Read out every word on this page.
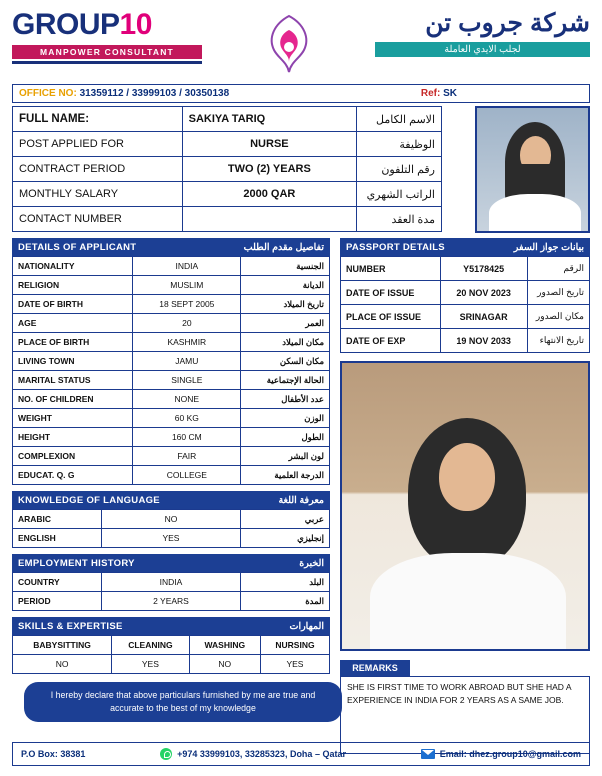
GROUP10
MANPOWER CONSULTANT
شركة جروب تن
لجلب الايدي العاملة
OFFICE NO: 31359112 / 33999103 / 30350138	Ref: SK
FULL NAME:	SAKIYA TARIQ	الاسم الكامل
POST APPLIED FOR	NURSE	الوظيفة
CONTRACT PERIOD	TWO (2) YEARS	رقم التلفون
MONTHLY SALARY	2000 QAR	الراتب الشهري
CONTACT NUMBER		مدة العقد
DETAILS OF APPLICANT	تفاصيل مقدم الطلب
NATIONALITY	INDIA	الجنسية
RELIGION	MUSLIM	الديانة
DATE OF BIRTH	18 SEPT 2005	تاريخ الميلاد
AGE	20	العمر
PLACE OF BIRTH	KASHMIR	مكان الميلاد
LIVING TOWN	JAMU	مكان السكن
MARITAL STATUS	SINGLE	الحالة الإجتماعية
NO. OF CHILDREN	NONE	عدد الأطفال
WEIGHT	60 KG	الوزن
HEIGHT	160 CM	الطول
COMPLEXION	FAIR	لون البشر
EDUCAT. Q. G	COLLEGE	الدرجة العلمية
KNOWLEDGE OF LANGUAGE	معرفة اللغة
ARABIC	NO	عربي
ENGLISH	YES	إنجليزي
EMPLOYMENT HISTORY	الخبرة
COUNTRY	INDIA	البلد
PERIOD	2 YEARS	المدة
SKILLS & EXPERTISE	المهارات
BABYSITTING	CLEANING	WASHING	NURSING
NO	YES	NO	YES
I hereby declare that above particulars furnished by me are true and accurate to the best of my knowledge
PASSPORT DETAILS	بيانات جواز السفر
NUMBER	Y5178425	الرقم
DATE OF ISSUE	20 NOV 2023	تاريخ الصدور
PLACE OF ISSUE	SRINAGAR	مكان الصدور
DATE OF EXP	19 NOV 2033	تاريخ الانتهاء
REMARKS
SHE IS FIRST TIME TO WORK ABROAD BUT SHE HAD A EXPERIENCE IN INDIA FOR 2 YEARS AS A SAME JOB.
P.O Box: 38381	+974 33999103, 33285323, Doha – Qatar	Email: dhez.group10@gmail.com
